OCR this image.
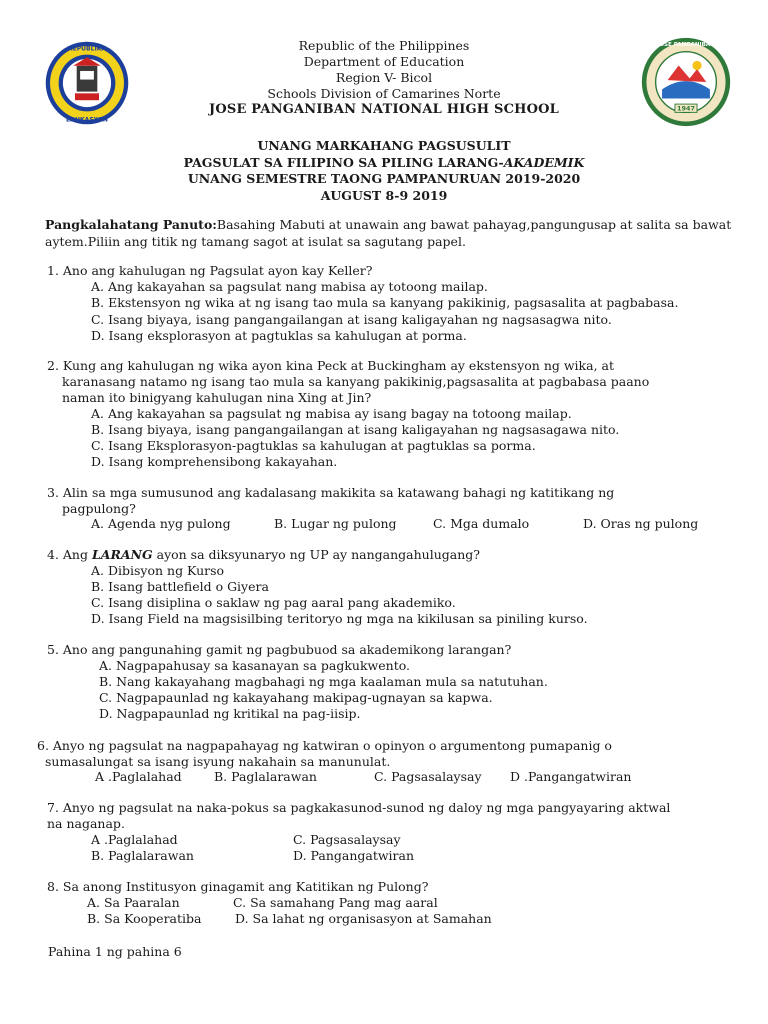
REPUBLIKA
EDUKASYON
1947
JOSE PANGANIBAN
Republic of the Philippines
Department of Education
Region V- Bicol
Schools Division of Camarines Norte
JOSE PANGANIBAN NATIONAL HIGH SCHOOL
UNANG MARKAHANG PAGSUSULIT
PAGSULAT SA FILIPINO SA PILING LARANG-AKADEMIK
UNANG SEMESTRE TAONG PAMPANURUAN 2019-2020
AUGUST 8-9 2019
Pangkalahatang Panuto:Basahing Mabuti at unawain ang bawat pahayag,pangungusap at salita sa bawat aytem.Piliin ang titik ng tamang sagot at isulat sa sagutang papel.
1. Ano ang kahulugan ng Pagsulat ayon kay Keller?
A. Ang kakayahan sa pagsulat nang mabisa ay totoong mailap.
B. Ekstensyon ng wika at ng isang tao mula sa kanyang pakikinig, pagsasalita at pagbabasa.
C. Isang biyaya, isang pangangailangan at isang kaligayahan ng nagsasagwa nito.
D. Isang eksplorasyon at pagtuklas sa kahulugan at porma.
2. Kung ang kahulugan ng wika ayon kina Peck at Buckingham ay ekstensyon ng wika, at
karanasang natamo ng isang tao mula sa kanyang pakikinig,pagsasalita at pagbabasa paano
naman ito binigyang kahulugan nina Xing at Jin?
A. Ang kakayahan sa pagsulat ng mabisa ay isang bagay na totoong mailap.
B. Isang biyaya, isang pangangailangan at isang kaligayahan ng nagsasagawa nito.
C. Isang Eksplorasyon-pagtuklas sa kahulugan at pagtuklas sa porma.
D. Isang komprehensibong kakayahan.
3. Alin sa mga sumusunod ang kadalasang makikita sa katawang bahagi ng katitikang ng
pagpulong?
A. Agenda nyg pulong	B. Lugar ng pulong	C. Mga dumalo	D. Oras ng pulong
4. Ang LARANG ayon sa diksyunaryo ng UP ay nangangahulugang?
A. Dibisyon ng Kurso
B. Isang battlefield o Giyera
C. Isang disiplina o saklaw ng pag aaral pang akademiko.
D. Isang Field na magsisilbing teritoryo ng mga na kikilusan sa piniling kurso.
5. Ano ang pangunahing gamit ng pagbubuod sa akademikong larangan?
A. Nagpapahusay sa kasanayan sa pagkukwento.
B. Nang kakayahang magbahagi ng mga kaalaman mula sa natutuhan.
C. Nagpapaunlad ng kakayahang makipag-ugnayan sa kapwa.
D. Nagpapaunlad ng kritikal na pag-iisip.
6. Anyo ng pagsulat na nagpapahayag ng katwiran o opinyon o argumentong pumapanig o
sumasalungat sa isang isyung nakahain sa manunulat.
A .Paglalahad	B. Paglalarawan	C. Pagsasalaysay D .Pangangatwiran
7. Anyo ng pagsulat na naka-pokus sa pagkakasunod-sunod ng daloy ng mga pangyayaring aktwal
na naganap.
A .Paglalahad	C. Pagsasalaysay
B. Paglalarawan	D. Pangangatwiran
8. Sa anong Institusyon ginagamit ang Katitikan ng Pulong?
A. Sa Paaralan	C. Sa samahang Pang mag aaral
B. Sa Kooperatiba	D. Sa lahat ng organisasyon at Samahan
Pahina 1 ng pahina 6
